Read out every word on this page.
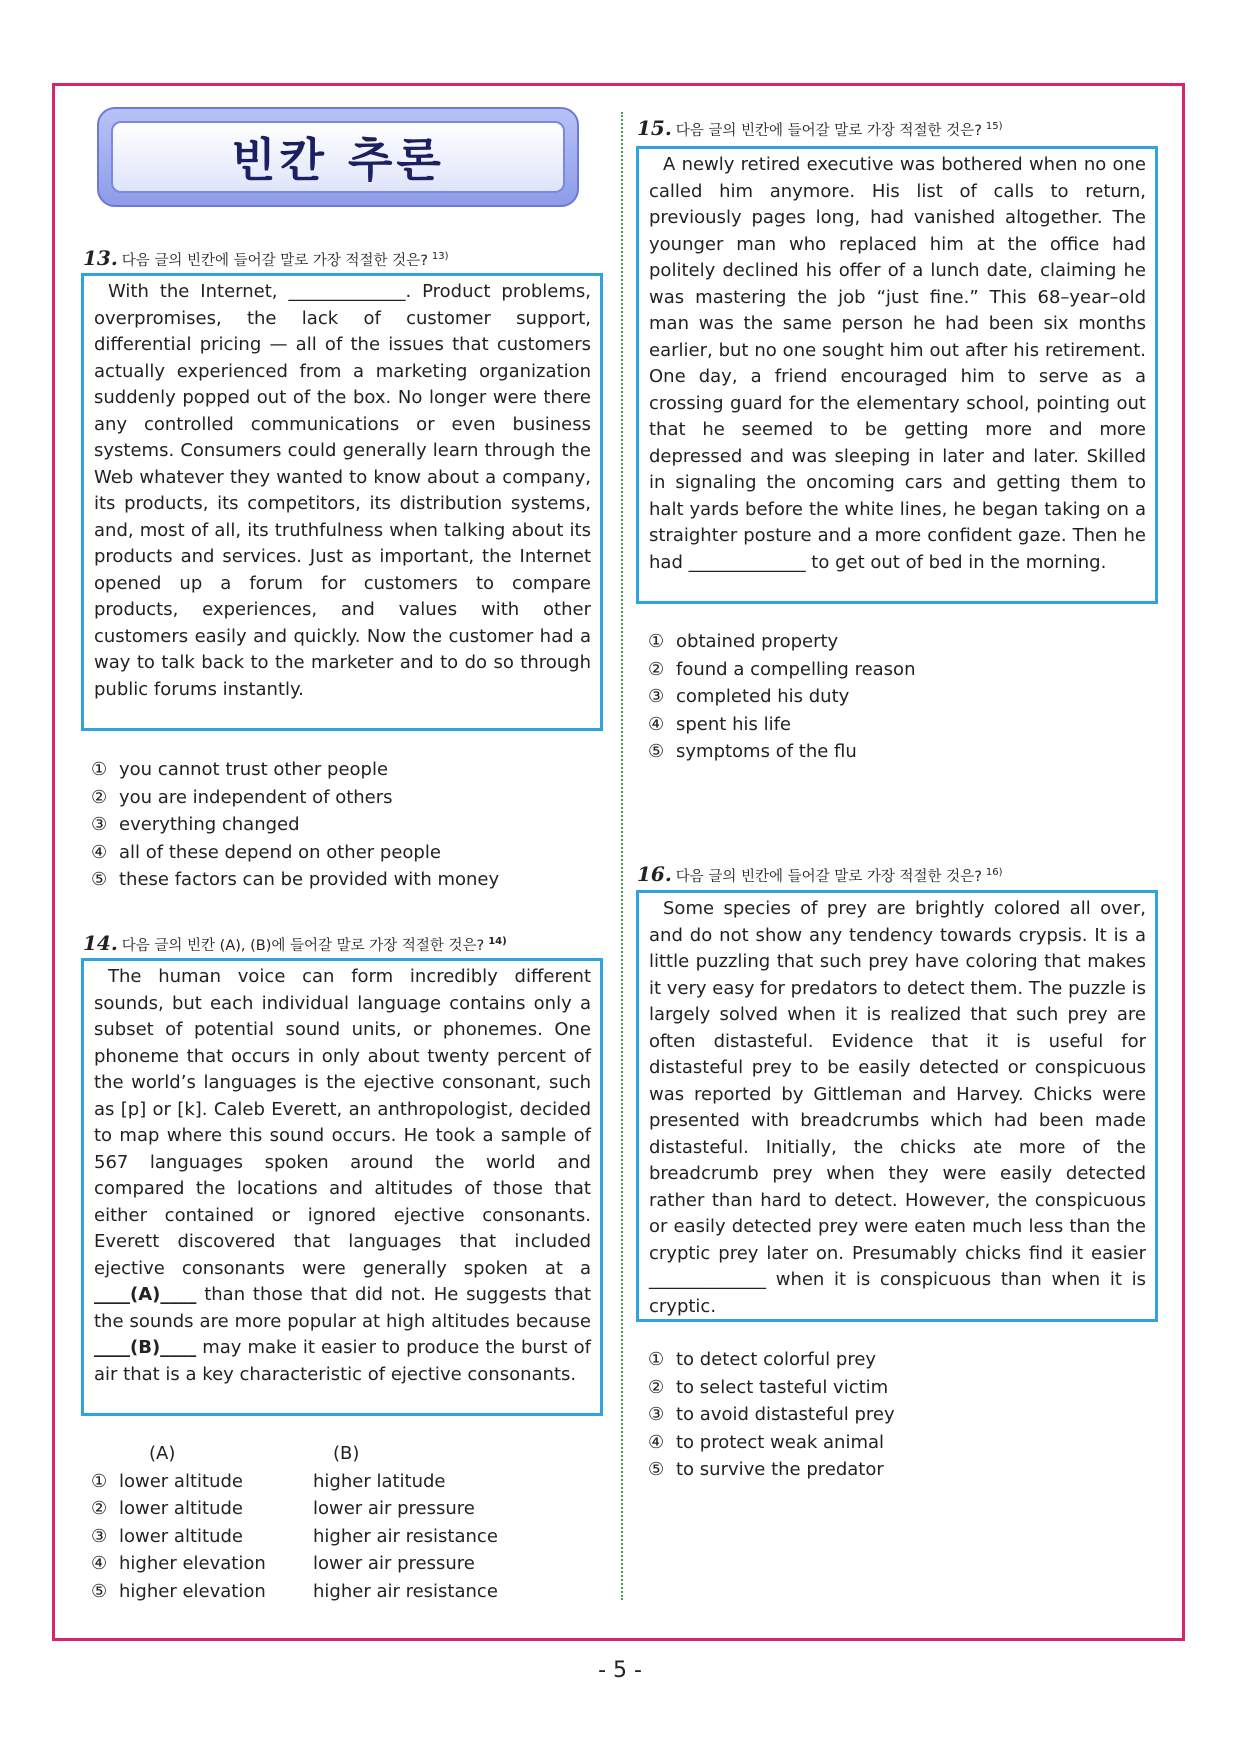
빈칸 추론
13. 다음 글의 빈칸에 들어갈 말로 가장 적절한 것은? 13)
With the Internet, _____________. Product problems, overpromises, the lack of customer support, differential pricing — all of the issues that customers actually experienced from a marketing organization suddenly popped out of the box. No longer were there any controlled communications or even business systems. Consumers could generally learn through the Web whatever they wanted to know about a company, its products, its competitors, its distribution systems, and, most of all, its truthfulness when talking about its products and services. Just as important, the Internet opened up a forum for customers to compare products, experiences, and values with other customers easily and quickly. Now the customer had a way to talk back to the marketer and to do so through public forums instantly.
① you cannot trust other people
② you are independent of others
③ everything changed
④ all of these depend on other people
⑤ these factors can be provided with money
14. 다음 글의 빈칸 (A), (B)에 들어갈 말로 가장 적절한 것은? 14)
The human voice can form incredibly different sounds, but each individual language contains only a subset of potential sound units, or phonemes. One phoneme that occurs in only about twenty percent of the world’s languages is the ejective consonant, such as [p] or [k]. Caleb Everett, an anthropologist, decided to map where this sound occurs. He took a sample of 567 languages spoken around the world and compared the locations and altitudes of those that either contained or ignored ejective consonants. Everett discovered that languages that included ejective consonants were generally spoken at a ____(A)____ than those that did not. He suggests that the sounds are more popular at high altitudes because ____(B)____ may make it easier to produce the burst of air that is a key characteristic of ejective consonants.
(A)	(B)
① lower altitude	higher latitude
② lower altitude	lower air pressure
③ lower altitude	higher air resistance
④ higher elevation	lower air pressure
⑤ higher elevation	higher air resistance
15. 다음 글의 빈칸에 들어갈 말로 가장 적절한 것은? 15)
A newly retired executive was bothered when no one called him anymore. His list of calls to return, previously pages long, had vanished altogether. The younger man who replaced him at the office had politely declined his offer of a lunch date, claiming he was mastering the job “just fine.” This 68–year–old man was the same person he had been six months earlier, but no one sought him out after his retirement. One day, a friend encouraged him to serve as a crossing guard for the elementary school, pointing out that he seemed to be getting more and more depressed and was sleeping in later and later. Skilled in signaling the oncoming cars and getting them to halt yards before the white lines, he began taking on a straighter posture and a more confident gaze. Then he had _____________ to get out of bed in the morning.
① obtained property
② found a compelling reason
③ completed his duty
④ spent his life
⑤ symptoms of the flu
16. 다음 글의 빈칸에 들어갈 말로 가장 적절한 것은? 16)
Some species of prey are brightly colored all over, and do not show any tendency towards crypsis. It is a little puzzling that such prey have coloring that makes it very easy for predators to detect them. The puzzle is largely solved when it is realized that such prey are often distasteful. Evidence that it is useful for distasteful prey to be easily detected or conspicuous was reported by Gittleman and Harvey. Chicks were presented with breadcrumbs which had been made distasteful. Initially, the chicks ate more of the breadcrumb prey when they were easily detected rather than hard to detect. However, the conspicuous or easily detected prey were eaten much less than the cryptic prey later on. Presumably chicks find it easier _____________ when it is conspicuous than when it is cryptic.
① to detect colorful prey
② to select tasteful victim
③ to avoid distasteful prey
④ to protect weak animal
⑤ to survive the predator
- 5 -
